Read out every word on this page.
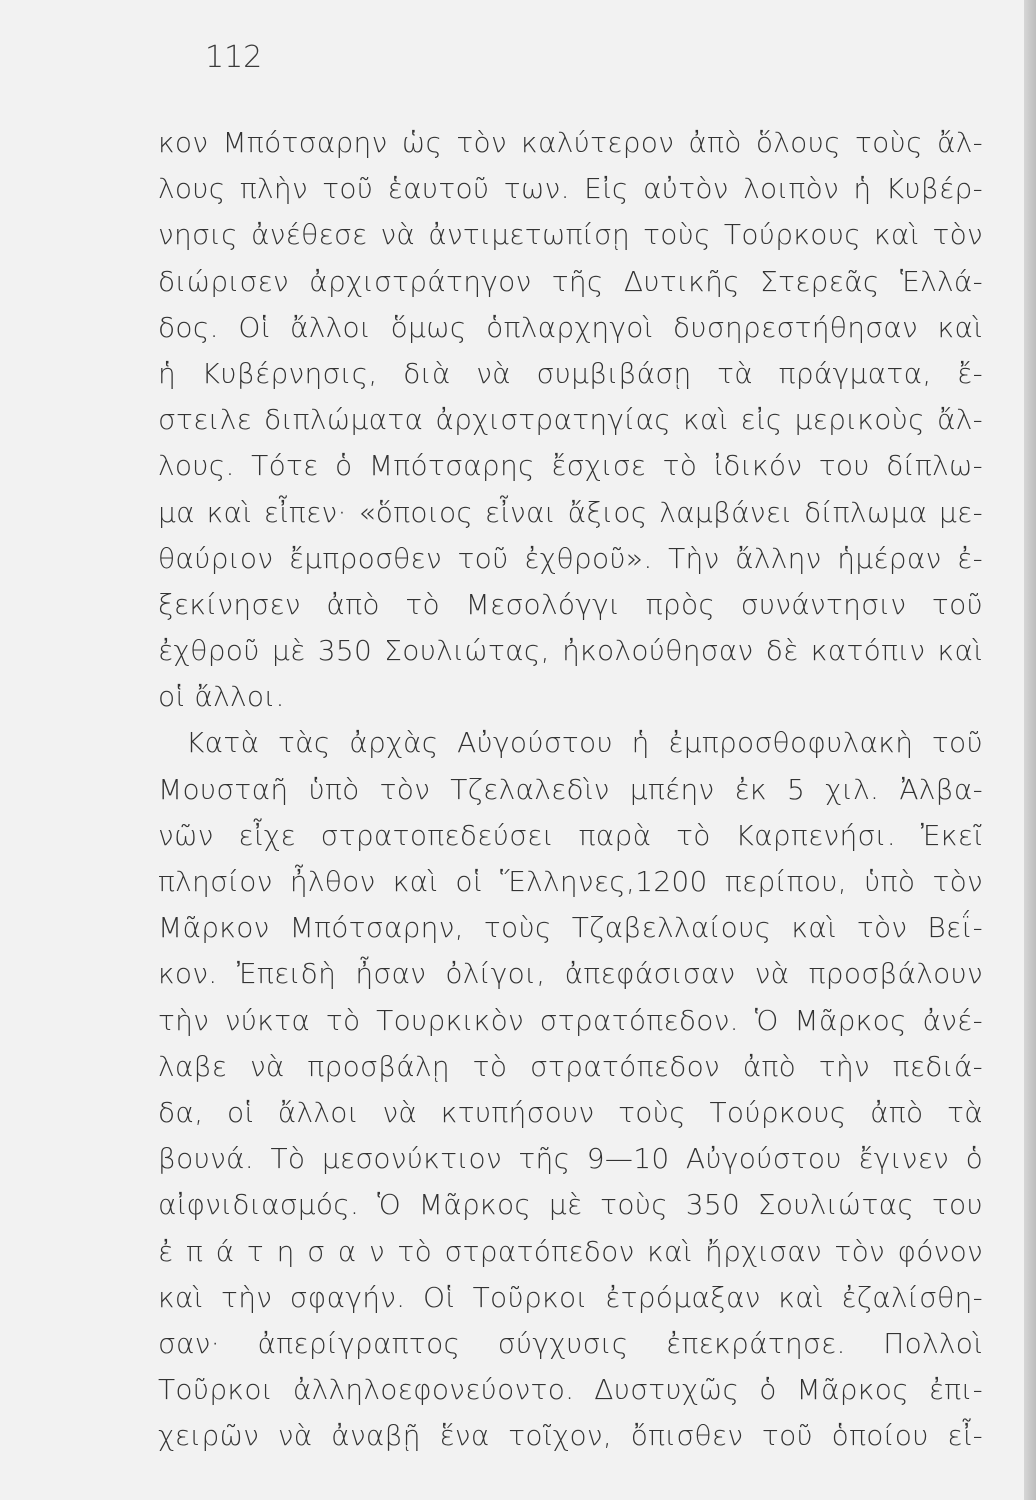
112
κον Μπότσαρην ὡς τὸν καλύτερον ἀπὸ ὅλους τοὺς ἄλ-
λους πλὴν τοῦ ἑαυτοῦ των. Εἰς αὐτὸν λοιπὸν ἡ Κυβέρ-
νησις ἀνέθεσε νὰ ἀντιμετωπίσῃ τοὺς Τούρκους καὶ τὸν
διώρισεν ἀρχιστράτηγον τῆς Δυτικῆς Στερεᾶς Ἑλλά-
δος. Οἱ ἄλλοι ὅμως ὁπλαρχηγοὶ δυσηρεστήθησαν καὶ
ἡ Κυβέρνησις, διὰ νὰ συμβιβάσῃ τὰ πράγματα, ἔ-
στειλε διπλώματα ἀρχιστρατηγίας καὶ εἰς μερικοὺς ἄλ-
λους. Τότε ὁ Μπότσαρης ἔσχισε τὸ ἰδικόν του δίπλω-
μα καὶ εἶπεν· «ὅποιος εἶναι ἄξιος λαμβάνει δίπλωμα με-
θαύριον ἔμπροσθεν τοῦ ἐχθροῦ». Τὴν ἄλλην ἡμέραν ἐ-
ξεκίνησεν ἀπὸ τὸ Μεσολόγγι πρὸς συνάντησιν τοῦ
ἐχθροῦ μὲ 350 Σουλιώτας, ἠκολούθησαν δὲ κατόπιν καὶ
οἱ ἄλλοι.
Κατὰ τὰς ἀρχὰς Αὐγούστου ἡ ἐμπροσθοφυλακὴ τοῦ
Μουσταῆ ὑπὸ τὸν Τζελαλεδὶν μπέην ἐκ 5 χιλ. Ἀλβα-
νῶν εἶχε στρατοπεδεύσει παρὰ τὸ Καρπενήσι. Ἐκεῖ
πλησίον ἦλθον καὶ οἱ Ἕλληνες,1200 περίπου, ὑπὸ τὸν
Μᾶρκον Μπότσαρην, τοὺς Τζαβελλαίους καὶ τὸν Βεΐ-
κον. Ἐπειδὴ ἦσαν ὀλίγοι, ἀπεφάσισαν νὰ προσβάλουν
τὴν νύκτα τὸ Τουρκικὸν στρατόπεδον. Ὁ Μᾶρκος ἀνέ-
λαβε νὰ προσβάλῃ τὸ στρατόπεδον ἀπὸ τὴν πεδιά-
δα, οἱ ἄλλοι νὰ κτυπήσουν τοὺς Τούρκους ἀπὸ τὰ
βουνά. Τὸ μεσονύκτιον τῆς 9—10 Αὐγούστου ἔγινεν ὁ
αἰφνιδιασμός. Ὁ Μᾶρκος μὲ τοὺς 350 Σουλιώτας του
ἐ π ά τ η σ α ν τὸ στρατόπεδον καὶ ἤρχισαν τὸν φόνον
καὶ τὴν σφαγήν. Οἱ Τοῦρκοι ἐτρόμαξαν καὶ ἐζαλίσθη-
σαν· ἀπερίγραπτος σύγχυσις ἐπεκράτησε. Πολλοὶ
Τοῦρκοι ἀλληλοεφονεύοντο. Δυστυχῶς ὁ Μᾶρκος ἐπι-
χειρῶν νὰ ἀναβῇ ἕνα τοῖχον, ὄπισθεν τοῦ ὁποίου εἶ-
